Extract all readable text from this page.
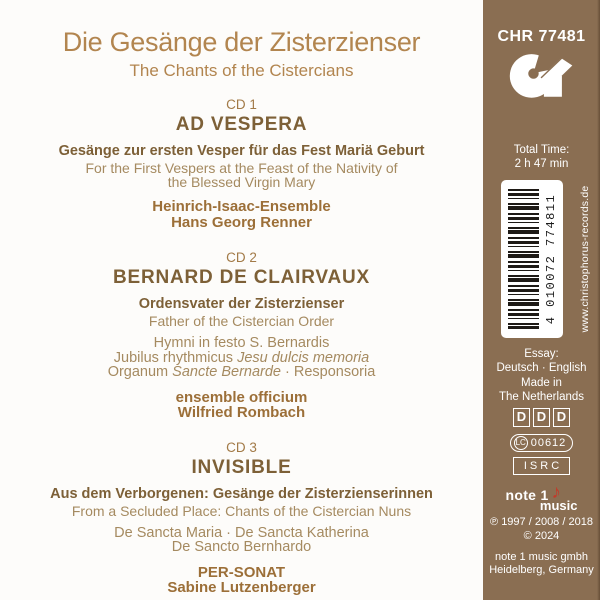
Die Gesänge der Zisterzienser
The Chants of the Cistercians
CD 1
AD VESPERA
Gesänge zur ersten Vesper für das Fest Mariä Geburt
For the First Vespers at the Feast of the Nativity of
the Blessed Virgin Mary
Heinrich-Isaac-Ensemble
Hans Georg Renner
CD 2
BERNARD DE CLAIRVAUX
Ordensvater der Zisterzienser
Father of the Cistercian Order
Hymni in festo S. Bernardis
Jubilus rhythmicus Jesu dulcis memoria
Organum Sancte Bernarde · Responsoria
ensemble officium
Wilfried Rombach
CD 3
INVISIBLE
Aus dem Verborgenen: Gesänge der Zisterzienserinnen
From a Secluded Place: Chants of the Cistercian Nuns
De Sancta Maria · De Sancta Katherina
De Sancto Bernhardo
PER-SONAT
Sabine Lutzenberger
CHR 77481
Total Time:
2 h 47 min
4 010072 774811 www.christophorus-records.de
Essay:
Deutsch · English
Made in
The Netherlands
D D D
LC 00612
ISRC
note 1 ♪
music
℗ 1997 / 2008 / 2018
© 2024
note 1 music gmbh
Heidelberg, Germany
